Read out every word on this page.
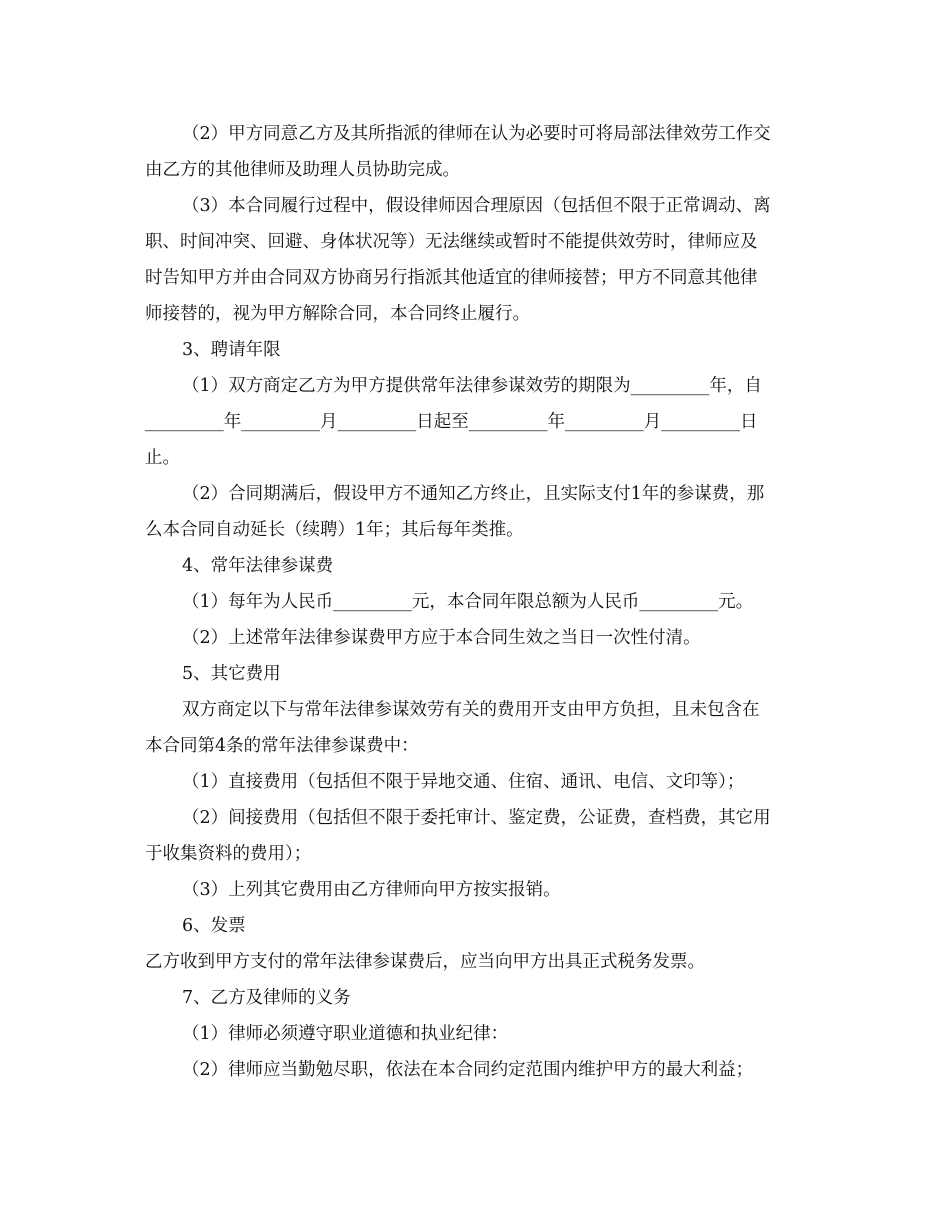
（2）甲方同意乙方及其所指派的律师在认为必要时可将局部法律效劳工作交
由乙方的其他律师及助理人员协助完成。

（3）本合同履行过程中，假设律师因合理原因（包括但不限于正常调动、离
职、时间冲突、回避、身体状况等）无法继续或暂时不能提供效劳时，律师应及
时告知甲方并由合同双方协商另行指派其他适宜的律师接替；甲方不同意其他律
师接替的，视为甲方解除合同，本合同终止履行。

3、聘请年限

（1）双方商定乙方为甲方提供常年法律参谋效劳的期限为_________年，自
_________年_________月_________日起至_________年_________月_________日
止。

（2）合同期满后，假设甲方不通知乙方终止，且实际支付1年的参谋费，那
么本合同自动延长（续聘）1年；其后每年类推。

4、常年法律参谋费

（1）每年为人民币_________元，本合同年限总额为人民币_________元。

（2）上述常年法律参谋费甲方应于本合同生效之当日一次性付清。

5、其它费用

双方商定以下与常年法律参谋效劳有关的费用开支由甲方负担，且未包含在
本合同第4条的常年法律参谋费中：

（1）直接费用（包括但不限于异地交通、住宿、通讯、电信、文印等）；

（2）间接费用（包括但不限于委托审计、鉴定费，公证费，查档费，其它用
于收集资料的费用）；

（3）上列其它费用由乙方律师向甲方按实报销。

6、发票

乙方收到甲方支付的常年法律参谋费后，应当向甲方出具正式税务发票。

7、乙方及律师的义务

（1）律师必须遵守职业道德和执业纪律：

（2）律师应当勤勉尽职，依法在本合同约定范围内维护甲方的最大利益；
